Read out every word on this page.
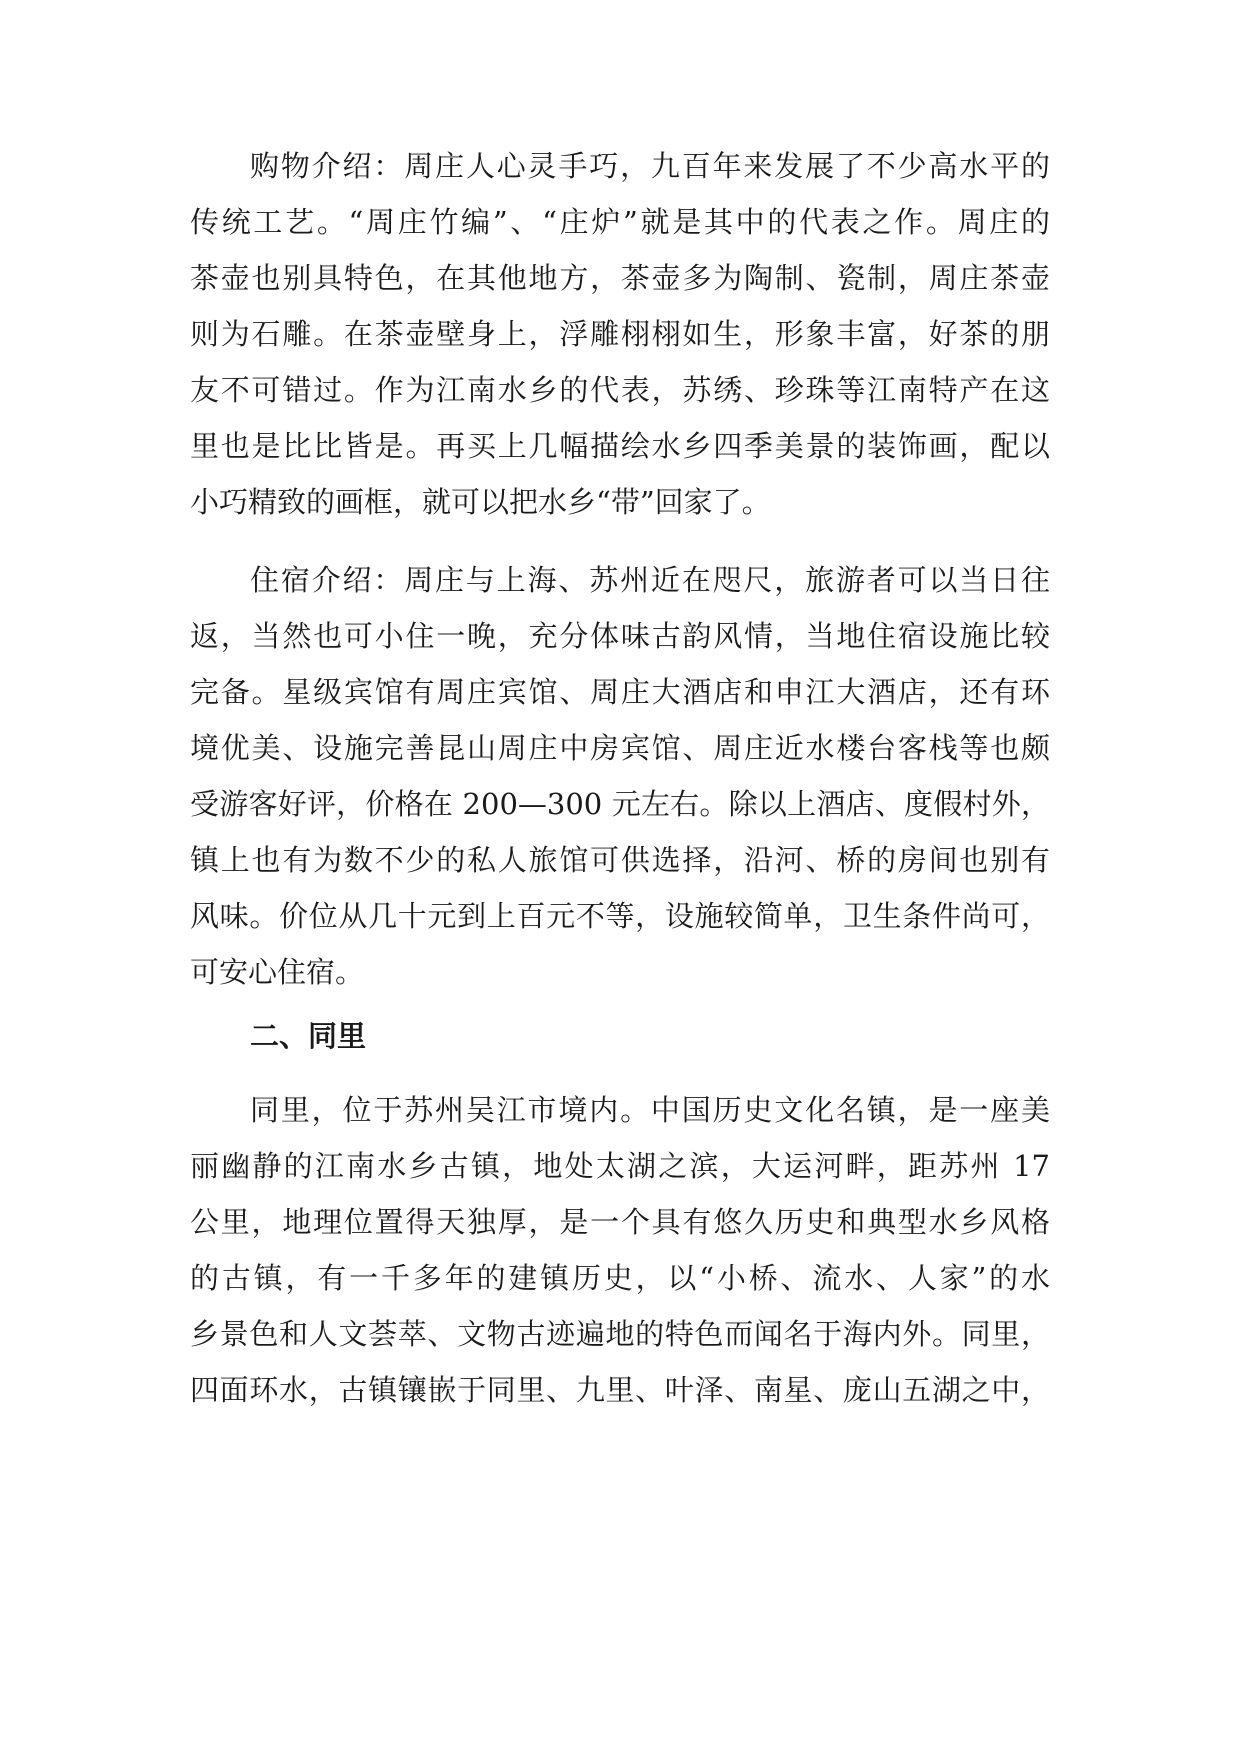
购物介绍：周庄人心灵手巧，九百年来发展了不少高水平的
传统工艺。“周庄竹编”、“庄炉”就是其中的代表之作。周庄的
茶壶也别具特色，在其他地方，茶壶多为陶制、瓷制，周庄茶壶
则为石雕。在茶壶壁身上，浮雕栩栩如生，形象丰富，好茶的朋
友不可错过。作为江南水乡的代表，苏绣、珍珠等江南特产在这
里也是比比皆是。再买上几幅描绘水乡四季美景的装饰画，配以
小巧精致的画框，就可以把水乡“带”回家了。
住宿介绍：周庄与上海、苏州近在咫尺，旅游者可以当日往
返，当然也可小住一晚，充分体味古韵风情，当地住宿设施比较
完备。星级宾馆有周庄宾馆、周庄大酒店和申江大酒店，还有环
境优美、设施完善昆山周庄中房宾馆、周庄近水楼台客栈等也颇
受游客好评，价格在 200—300 元左右。除以上酒店、度假村外，
镇上也有为数不少的私人旅馆可供选择，沿河、桥的房间也别有
风味。价位从几十元到上百元不等，设施较简单，卫生条件尚可，
可安心住宿。
二、同里
同里，位于苏州吴江市境内。中国历史文化名镇，是一座美
丽幽静的江南水乡古镇，地处太湖之滨，大运河畔，距苏州 17
公里，地理位置得天独厚，是一个具有悠久历史和典型水乡风格
的古镇，有一千多年的建镇历史，以“小桥、流水、人家”的水
乡景色和人文荟萃、文物古迹遍地的特色而闻名于海内外。同里，
四面环水，古镇镶嵌于同里、九里、叶泽、南星、庞山五湖之中，
